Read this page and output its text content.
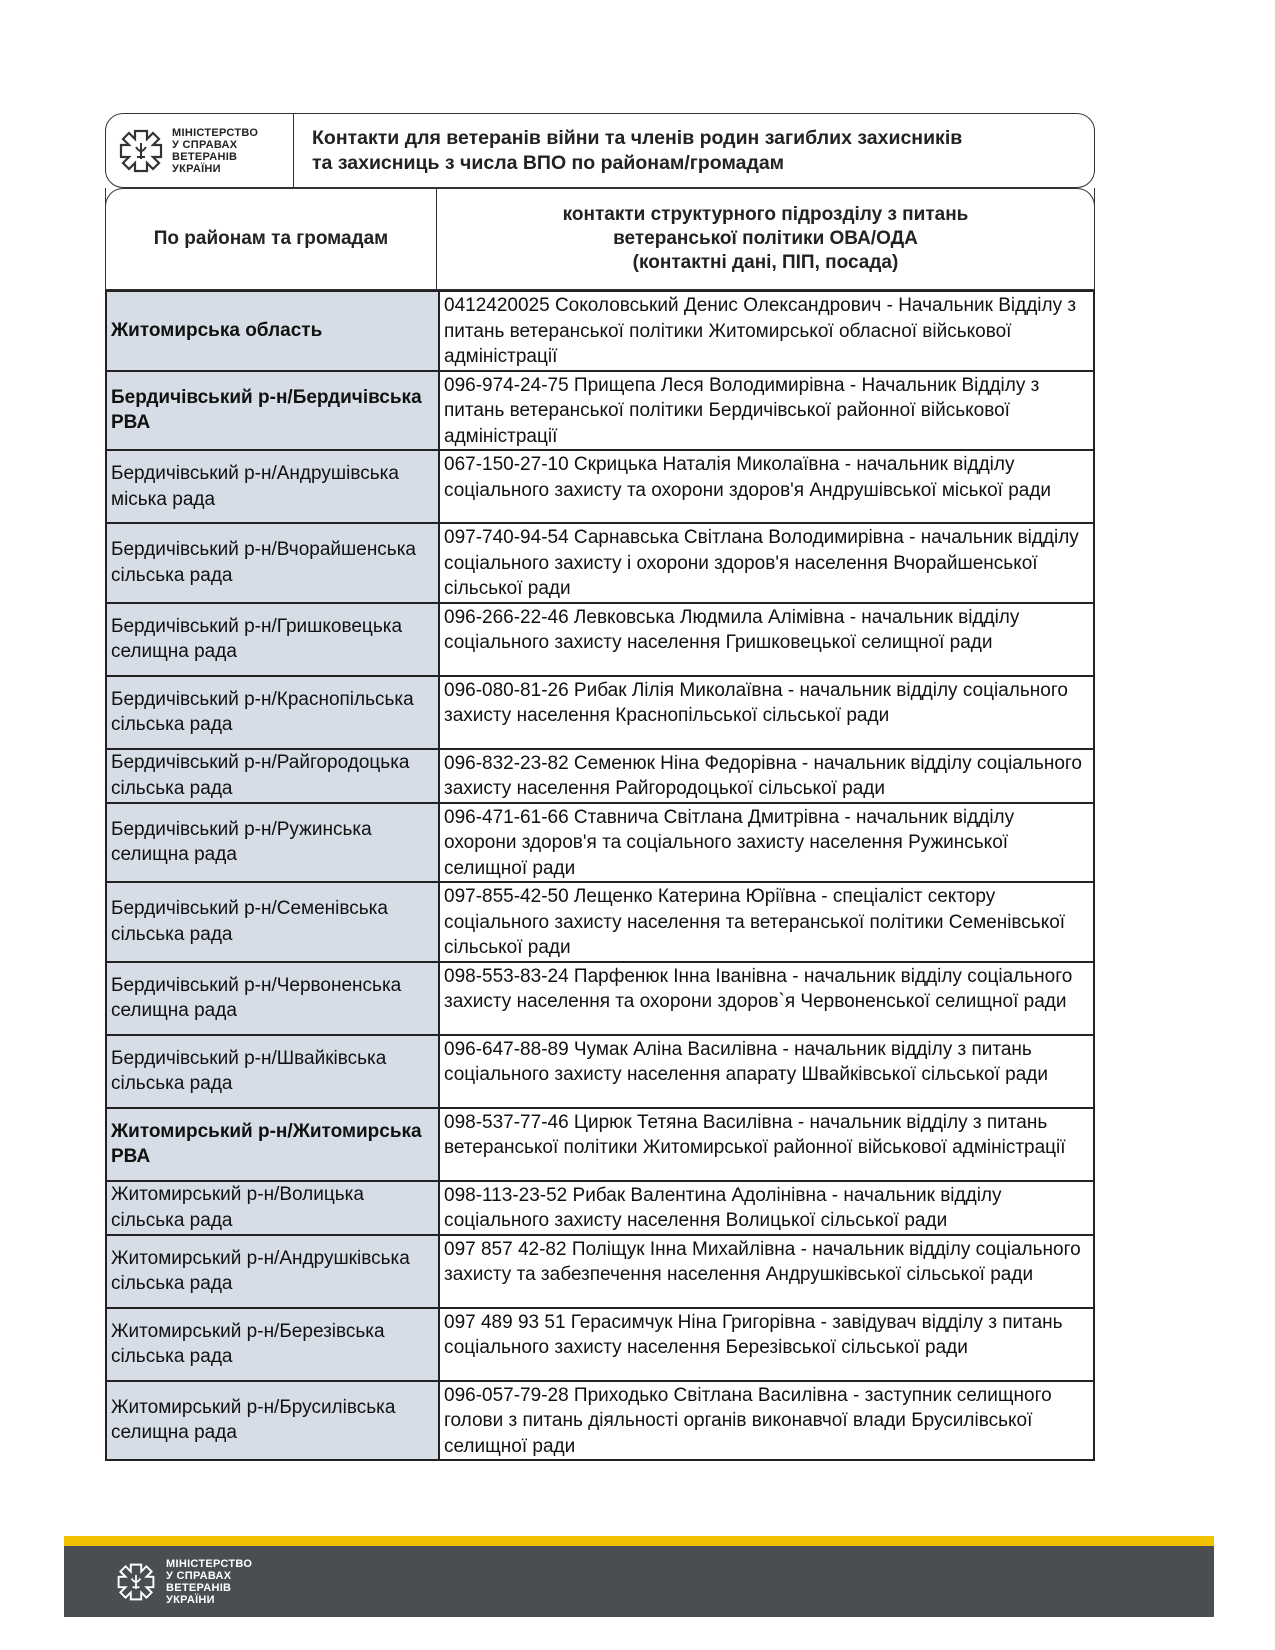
МІНІСТЕРСТВО
У СПРАВАХ
ВЕТЕРАНІВ
УКРАЇНИ
Контакти для ветеранів війни та членів родин загиблих захисників
та захисниць з числа ВПО по районам/громадам
По районам та громадам
контакти структурного підрозділу з питань
ветеранської політики ОВА/ОДА
(контактні дані, ПІП, посада)
Житомирська область	0412420025 Соколовський Денис Олександрович - Начальник Відділу з питань ветеранської політики Житомирської обласної військової адміністрації
Бердичівський р-н/Бердичівська РВА	096-974-24-75 Прищепа Леся Володимирівна - Начальник Відділу з питань ветеранської політики Бердичівської районної військової адміністрації
Бердичівський р-н/Андрушівська міська рада	067-150-27-10 Скрицька Наталія Миколаївна - начальник відділу соціального захисту та охорони здоров'я Андрушівської міської ради
Бердичівський р-н/Вчорайшенська сільська рада	097-740-94-54 Сарнавська Світлана Володимирівна - начальник відділу соціального захисту і охорони здоров'я населення Вчорайшенської сільської ради
Бердичівський р-н/Гришковецька селищна рада	096-266-22-46 Левковська Людмила Алімівна - начальник відділу соціального захисту населення Гришковецької селищної ради
Бердичівський р-н/Краснопільська сільська рада	096-080-81-26 Рибак Лілія Миколаївна - начальник відділу соціального захисту населення Краснопільської сільської ради
Бердичівський р-н/Райгородоцька сільська рада	096-832-23-82 Семенюк Ніна Федорівна - начальник відділу соціального захисту населення Райгородоцької сільської ради
Бердичівський р-н/Ружинська селищна рада	096-471-61-66 Ставнича Світлана Дмитрівна - начальник відділу охорони здоров'я та соціального захисту населення Ружинської селищної ради
Бердичівський р-н/Семенівська сільська рада	097-855-42-50 Лещенко Катерина Юріївна - спеціаліст сектору соціального захисту населення та ветеранської політики Семенівської сільської ради
Бердичівський р-н/Червоненська селищна рада	098-553-83-24 Парфенюк Інна Іванівна - начальник відділу соціального захисту населення та охорони здоров`я Червоненської селищної ради
Бердичівський р-н/Швайківська сільська рада	096-647-88-89 Чумак Аліна Василівна - начальник відділу з питань соціального захисту населення апарату Швайківської сільської ради
Житомирський р-н/Житомирська РВА	098-537-77-46 Цирюк Тетяна Василівна - начальник відділу з питань ветеранської політики Житомирської районної військової адміністрації
Житомирський р-н/Волицька сільська рада	098-113-23-52 Рибак Валентина Адолінівна - начальник відділу соціального захисту населення Волицької сільської ради
Житомирський р-н/Андрушківська сільська рада	097 857 42-82 Поліщук Інна Михайлівна - начальник відділу соціального захисту та забезпечення населення Андрушківської сільської ради
Житомирський р-н/Березівська сільська рада	097 489 93 51 Герасимчук Ніна Григорівна - завідувач відділу з питань соціального захисту населення Березівської сільської ради
Житомирський р-н/Брусилівська селищна рада	096-057-79-28 Приходько Світлана Василівна - заступник селищного голови з питань діяльності органів виконавчої влади Брусилівської селищної ради
МІНІСТЕРСТВО
У СПРАВАХ
ВЕТЕРАНІВ
УКРАЇНИ
